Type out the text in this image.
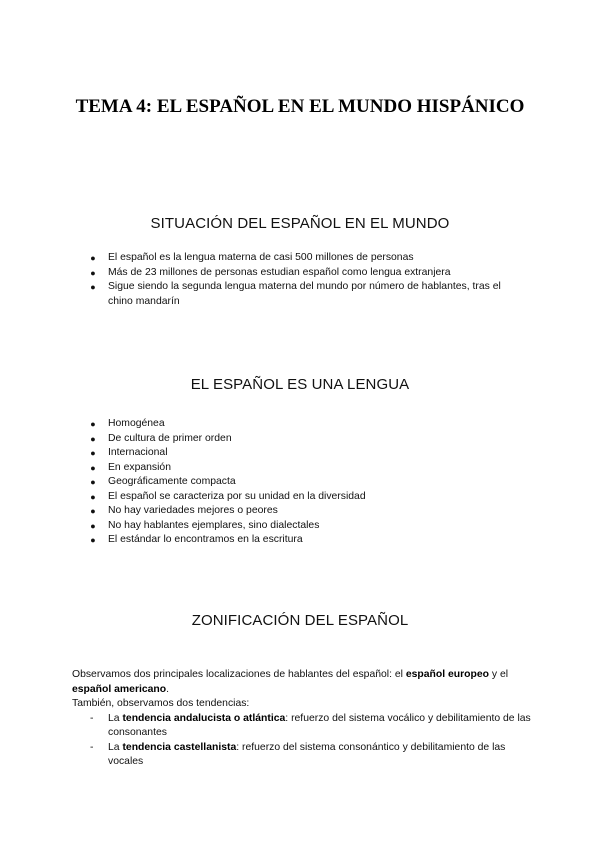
TEMA 4: EL ESPAÑOL EN EL MUNDO HISPÁNICO
SITUACIÓN DEL ESPAÑOL EN EL MUNDO
● El español es la lengua materna de casi 500 millones de personas
● Más de 23 millones de personas estudian español como lengua extranjera
● Sigue siendo la segunda lengua materna del mundo por número de hablantes, tras el chino mandarín
EL ESPAÑOL ES UNA LENGUA
● Homogénea
● De cultura de primer orden
● Internacional
● En expansión
● Geográficamente compacta
● El español se caracteriza por su unidad en la diversidad
● No hay variedades mejores o peores
● No hay hablantes ejemplares, sino dialectales
● El estándar lo encontramos en la escritura
ZONIFICACIÓN DEL ESPAÑOL

Observamos dos principales localizaciones de hablantes del español: el español europeo y el español americano.

También, observamos dos tendencias:

- La tendencia andalucista o atlántica: refuerzo del sistema vocálico y debilitamiento de las consonantes
- La tendencia castellanista: refuerzo del sistema consonántico y debilitamiento de las vocales
